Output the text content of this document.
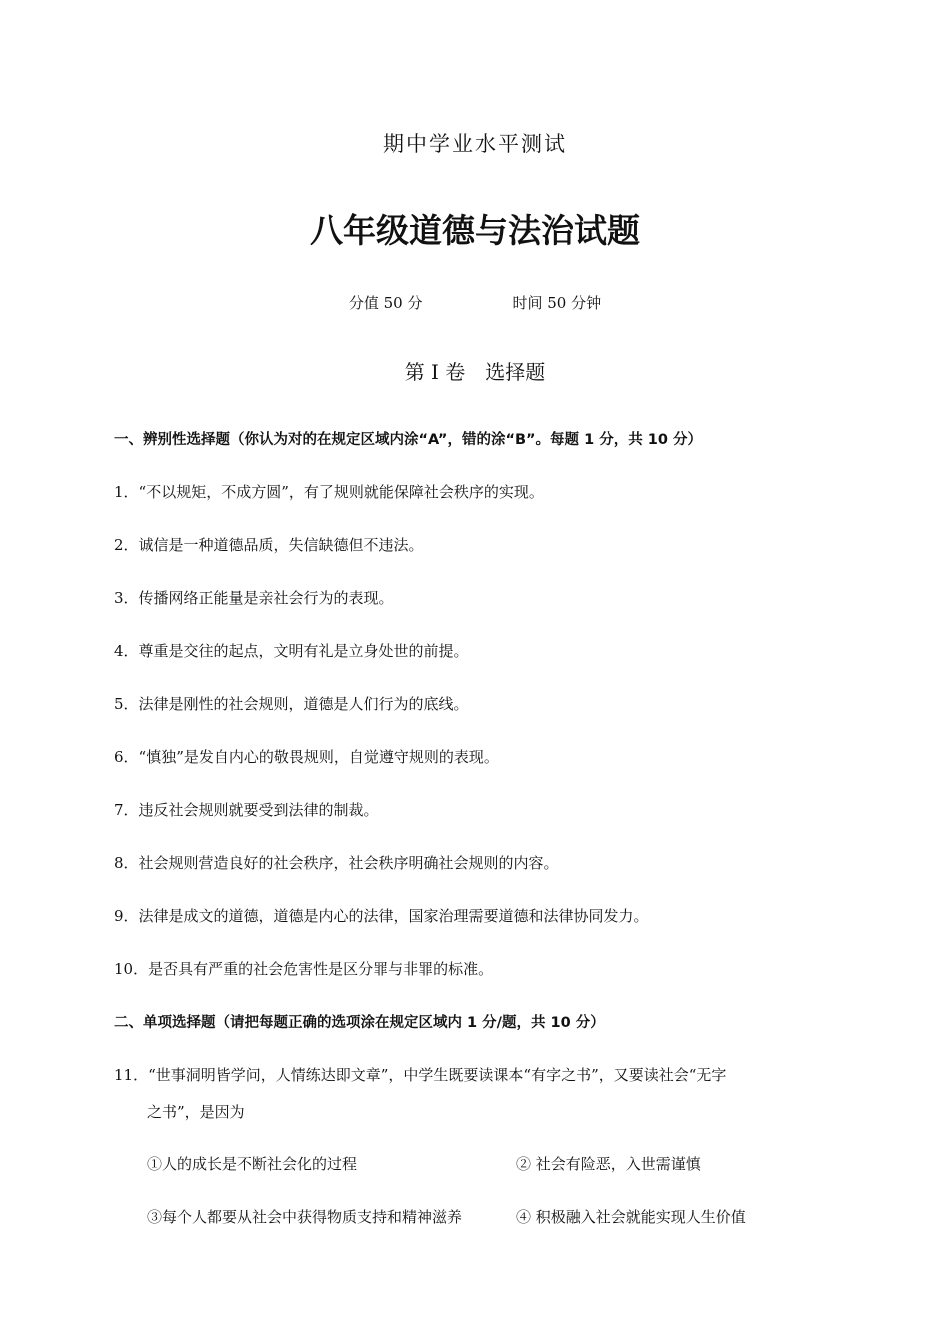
期中学业水平测试
八年级道德与法治试题
分值 50 分	时间 50 分钟
第 I 卷　选择题
一、辨别性选择题（你认为对的在规定区域内涂“A”，错的涂“B”。每题 1 分，共 10 分）
1．“不以规矩，不成方圆”，有了规则就能保障社会秩序的实现。
2．诚信是一种道德品质，失信缺德但不违法。
3．传播网络正能量是亲社会行为的表现。
4．尊重是交往的起点，文明有礼是立身处世的前提。
5．法律是刚性的社会规则，道德是人们行为的底线。
6．“慎独”是发自内心的敬畏规则，自觉遵守规则的表现。
7．违反社会规则就要受到法律的制裁。
8．社会规则营造良好的社会秩序，社会秩序明确社会规则的内容。
9．法律是成文的道德，道德是内心的法律，国家治理需要道德和法律协同发力。
10．是否具有严重的社会危害性是区分罪与非罪的标准。
二、单项选择题（请把每题正确的选项涂在规定区域内 1 分/题，共 10 分）
11．“世事洞明皆学问，人情练达即文章”，中学生既要读课本“有字之书”，又要读社会“无字
之书”，是因为
①人的成长是不断社会化的过程	② 社会有险恶，入世需谨慎
③每个人都要从社会中获得物质支持和精神滋养	④ 积极融入社会就能实现人生价值
